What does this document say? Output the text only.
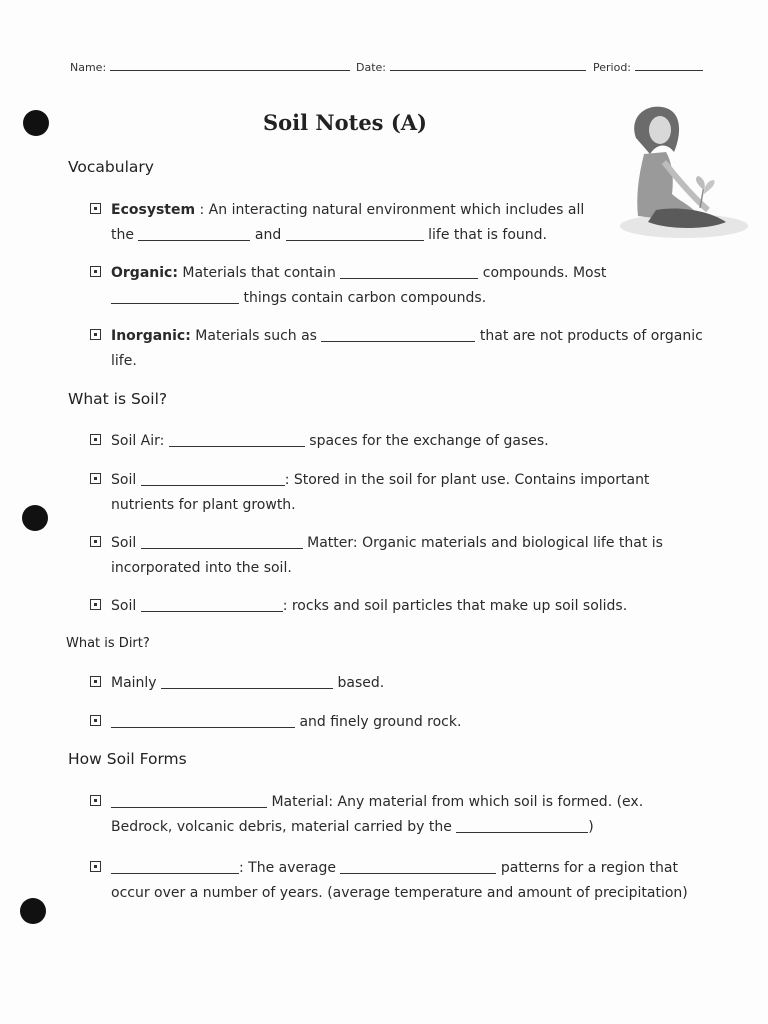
Name:	Date:	Period:
Soil Notes (A)
Vocabulary
Ecosystem : An interacting natural environment which includes all
the	and	life that is found.
Organic: Materials that contain	compounds. Most
things contain carbon compounds.
Inorganic: Materials such as	that are not products of organic
life.
What is Soil?
Soil Air:	spaces for the exchange of gases.
Soil	: Stored in the soil for plant use. Contains important
nutrients for plant growth.
Soil	Matter: Organic materials and biological life that is
incorporated into the soil.
Soil	: rocks and soil particles that make up soil solids.
What is Dirt?
Mainly	based.
and finely ground rock.
How Soil Forms
Material: Any material from which soil is formed. (ex.
Bedrock, volcanic debris, material carried by the	)
: The average	patterns for a region that
occur over a number of years. (average temperature and amount of precipitation)
